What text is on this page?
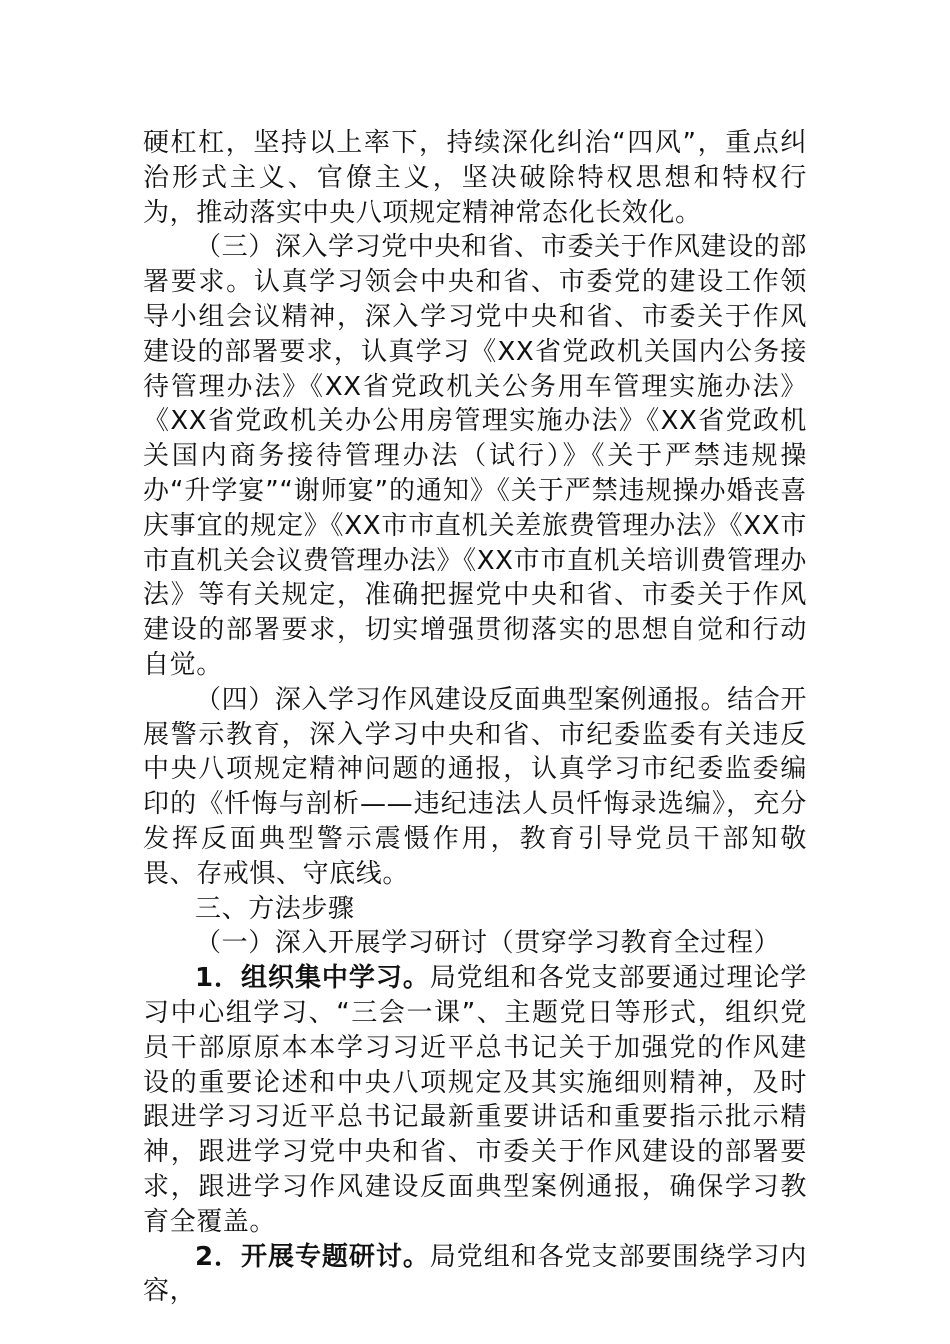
硬杠杠，坚持以上率下，持续深化纠治“四风”，重点纠治形式主义、官僚主义，坚决破除特权思想和特权行为，推动落实中央八项规定精神常态化长效化。

（三）深入学习党中央和省、市委关于作风建设的部署要求。认真学习领会中央和省、市委党的建设工作领导小组会议精神，深入学习党中央和省、市委关于作风建设的部署要求，认真学习《XX省党政机关国内公务接待管理办法》《XX省党政机关公务用车管理实施办法》《XX省党政机关办公用房管理实施办法》《XX省党政机关国内商务接待管理办法（试行）》《关于严禁违规操办“升学宴”“谢师宴”的通知》《关于严禁违规操办婚丧喜庆事宜的规定》《XX市市直机关差旅费管理办法》《XX市市直机关会议费管理办法》《XX市市直机关培训费管理办法》等有关规定，准确把握党中央和省、市委关于作风建设的部署要求，切实增强贯彻落实的思想自觉和行动自觉。

（四）深入学习作风建设反面典型案例通报。结合开展警示教育，深入学习中央和省、市纪委监委有关违反中央八项规定精神问题的通报，认真学习市纪委监委编印的《忏悔与剖析——违纪违法人员忏悔录选编》，充分发挥反面典型警示震慑作用，教育引导党员干部知敬畏、存戒惧、守底线。

三、方法步骤

（一）深入开展学习研讨（贯穿学习教育全过程）

1．组织集中学习。局党组和各党支部要通过理论学习中心组学习、“三会一课”、主题党日等形式，组织党员干部原原本本学习习近平总书记关于加强党的作风建设的重要论述和中央八项规定及其实施细则精神，及时跟进学习习近平总书记最新重要讲话和重要指示批示精神，跟进学习党中央和省、市委关于作风建设的部署要求，跟进学习作风建设反面典型案例通报，确保学习教育全覆盖。

2．开展专题研讨。局党组和各党支部要围绕学习内容，
